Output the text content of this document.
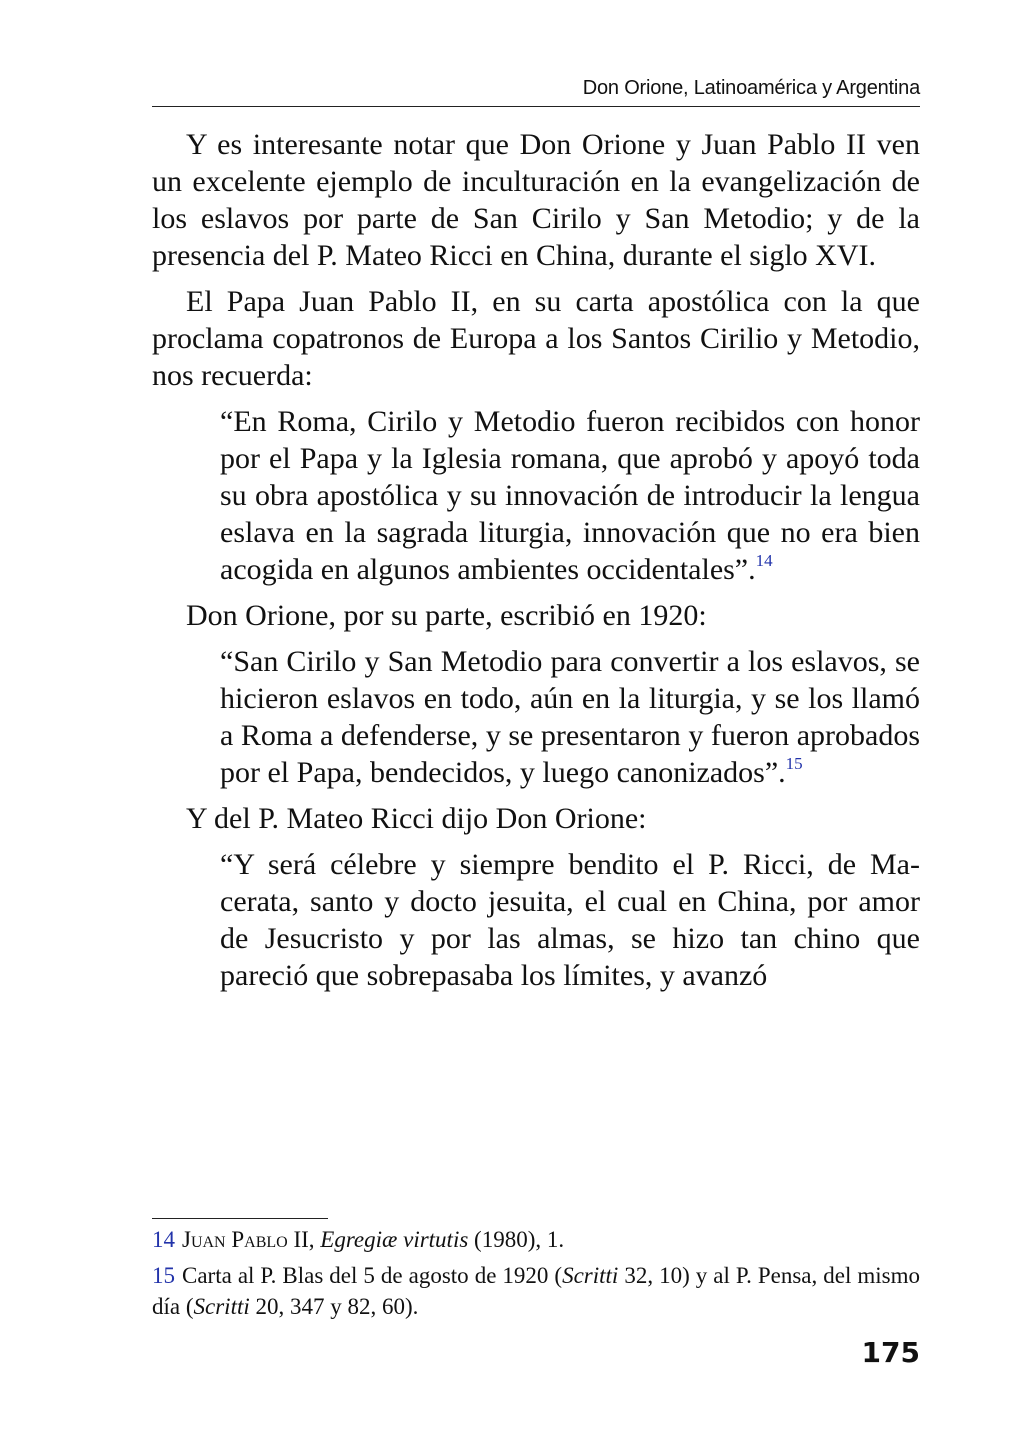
Don Orione, Latinoamérica y Argentina

Y es interesante notar que Don Orione y Juan Pablo II ven un excelente ejemplo de inculturación en la evangelización de los eslavos por parte de San Cirilo y San Metodio; y de la presencia del P. Mateo Ricci en China, durante el siglo XVI.

El Papa Juan Pablo II, en su carta apostólica con la que proclama copatronos de Europa a los Santos Cirilio y Metodio, nos recuerda:

“En Roma, Cirilo y Metodio fueron recibidos con honor por el Papa y la Iglesia romana, que aprobó y apoyó toda su obra apostólica y su innovación de introducir la lengua eslava en la sagrada liturgia, innovación que no era bien acogida en algunos ambientes occidentales”.$^{14}$

Don Orione, por su parte, escribió en 1920:

“San Cirilo y San Metodio para convertir a los eslavos, se hicieron eslavos en todo, aún en la liturgia, y se los llamó a Roma a defenderse, y se presentaron y fueron aprobados por el Papa, bendecidos, y luego canonizados”.$^{15}$

Y del P. Mateo Ricci dijo Don Orione:

“Y será célebre y siempre bendito el P. Ricci, de Macerata, santo y docto jesuita, el cual en China, por amor de Jesucristo y por las almas, se hizo tan chino que pareció que sobrepasaba los límites, y avanzó

14 Juan Pablo II, Egregiæ virtutis (1980), 1.

15 Carta al P. Blas del 5 de agosto de 1920 (Scritti 32, 10) y al P. Pensa, del mismo día (Scritti 20, 347 y 82, 60).

175
